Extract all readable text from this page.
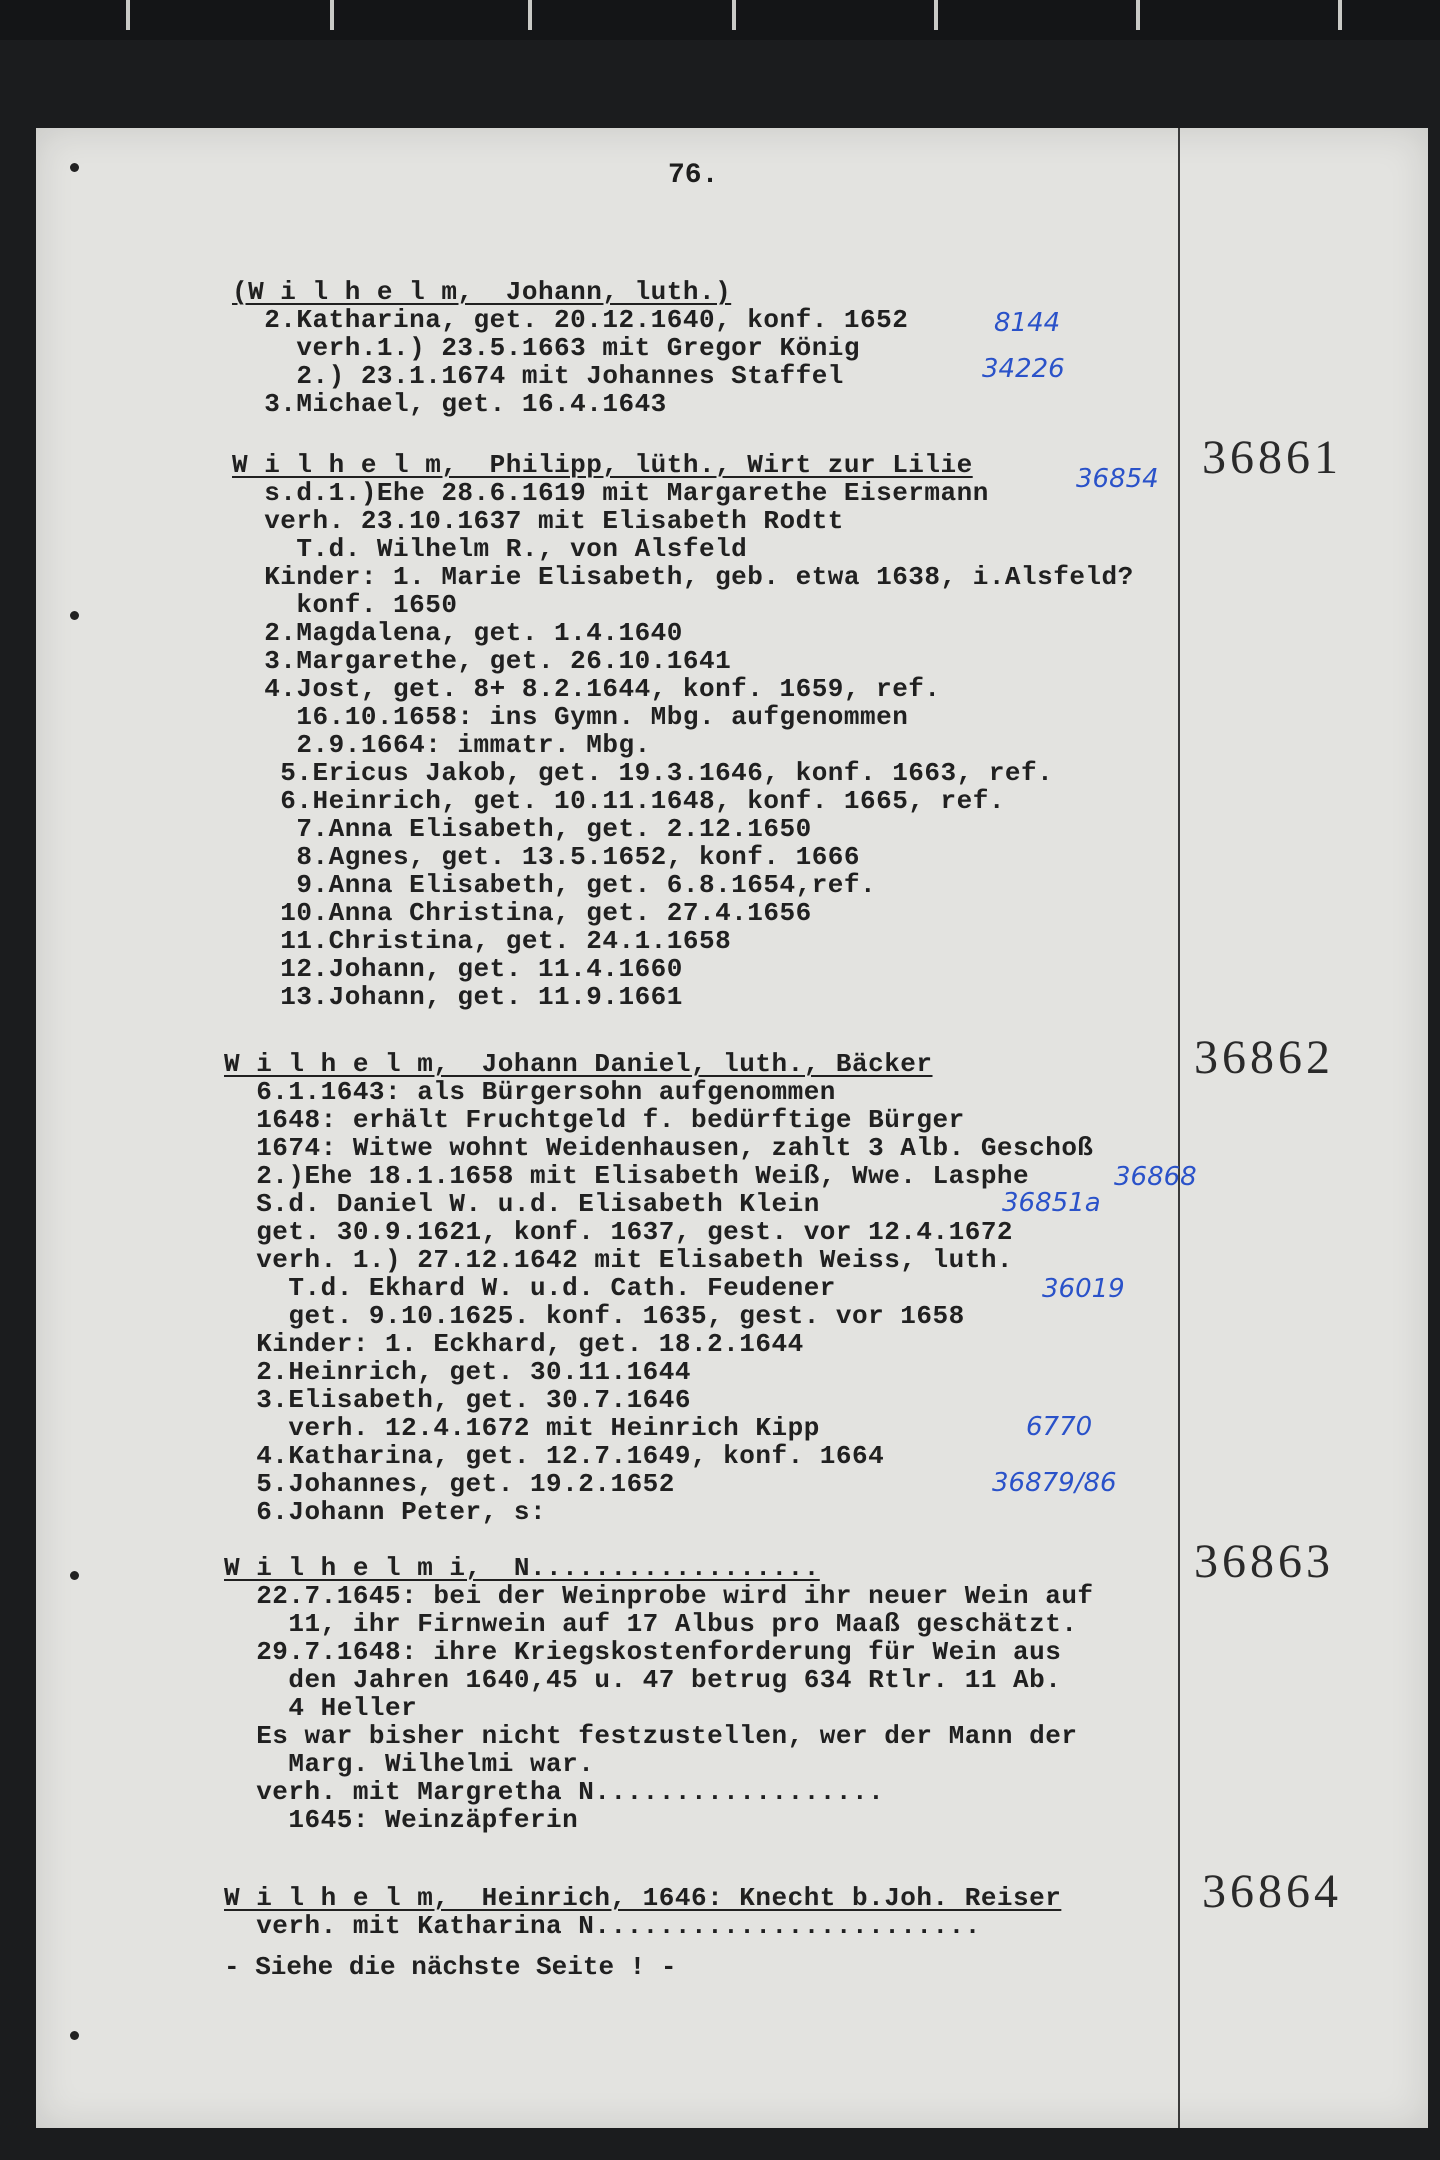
76.
(W i l h e l m,  Johann, luth.)
2.Katharina, get. 20.12.1640, konf. 1652
verh.1.) 23.5.1663 mit Gregor König
2.) 23.1.1674 mit Johannes Staffel
3.Michael, get. 16.4.1643
8144
34226
36861
36854
W i l h e l m,  Philipp, lüth., Wirt zur Lilie
s.d.1.)Ehe 28.6.1619 mit Margarethe Eisermann
verh. 23.10.1637 mit Elisabeth Rodtt
T.d. Wilhelm R., von Alsfeld
Kinder: 1. Marie Elisabeth, geb. etwa 1638, i.Alsfeld?
konf. 1650
2.Magdalena, get. 1.4.1640
3.Margarethe, get. 26.10.1641
4.Jost, get. 8+ 8.2.1644, konf. 1659, ref.
16.10.1658: ins Gymn. Mbg. aufgenommen
2.9.1664: immatr. Mbg.
5.Ericus Jakob, get. 19.3.1646, konf. 1663, ref.
6.Heinrich, get. 10.11.1648, konf. 1665, ref.
7.Anna Elisabeth, get. 2.12.1650
8.Agnes, get. 13.5.1652, konf. 1666
9.Anna Elisabeth, get. 6.8.1654,ref.
10.Anna Christina, get. 27.4.1656
11.Christina, get. 24.1.1658
12.Johann, get. 11.4.1660
13.Johann, get. 11.9.1661
36862
W i l h e l m,  Johann Daniel, luth., Bäcker
6.1.1643: als Bürgersohn aufgenommen
1648: erhält Fruchtgeld f. bedürftige Bürger
1674: Witwe wohnt Weidenhausen, zahlt 3 Alb. Geschoß
2.)Ehe 18.1.1658 mit Elisabeth Weiß, Wwe. Lasphe
S.d. Daniel W. u.d. Elisabeth Klein
get. 30.9.1621, konf. 1637, gest. vor 12.4.1672
verh. 1.) 27.12.1642 mit Elisabeth Weiss, luth.
T.d. Ekhard W. u.d. Cath. Feudener
get. 9.10.1625. konf. 1635, gest. vor 1658
Kinder: 1. Eckhard, get. 18.2.1644
2.Heinrich, get. 30.11.1644
3.Elisabeth, get. 30.7.1646
verh. 12.4.1672 mit Heinrich Kipp
4.Katharina, get. 12.7.1649, konf. 1664
5.Johannes, get. 19.2.1652
6.Johann Peter, s:
36868
36851a
36019
6770
36879/86
36863
W i l h e l m i,  N..................
22.7.1645: bei der Weinprobe wird ihr neuer Wein auf
11, ihr Firnwein auf 17 Albus pro Maaß geschätzt.
29.7.1648: ihre Kriegskostenforderung für Wein aus
den Jahren 1640,45 u. 47 betrug 634 Rtlr. 11 Ab.
4 Heller
Es war bisher nicht festzustellen, wer der Mann der
Marg. Wilhelmi war.
verh. mit Margretha N..................
1645: Weinzäpferin
36864
W i l h e l m,  Heinrich, 1646: Knecht b.Joh. Reiser
verh. mit Katharina N........................
- Siehe die nächste Seite ! -
